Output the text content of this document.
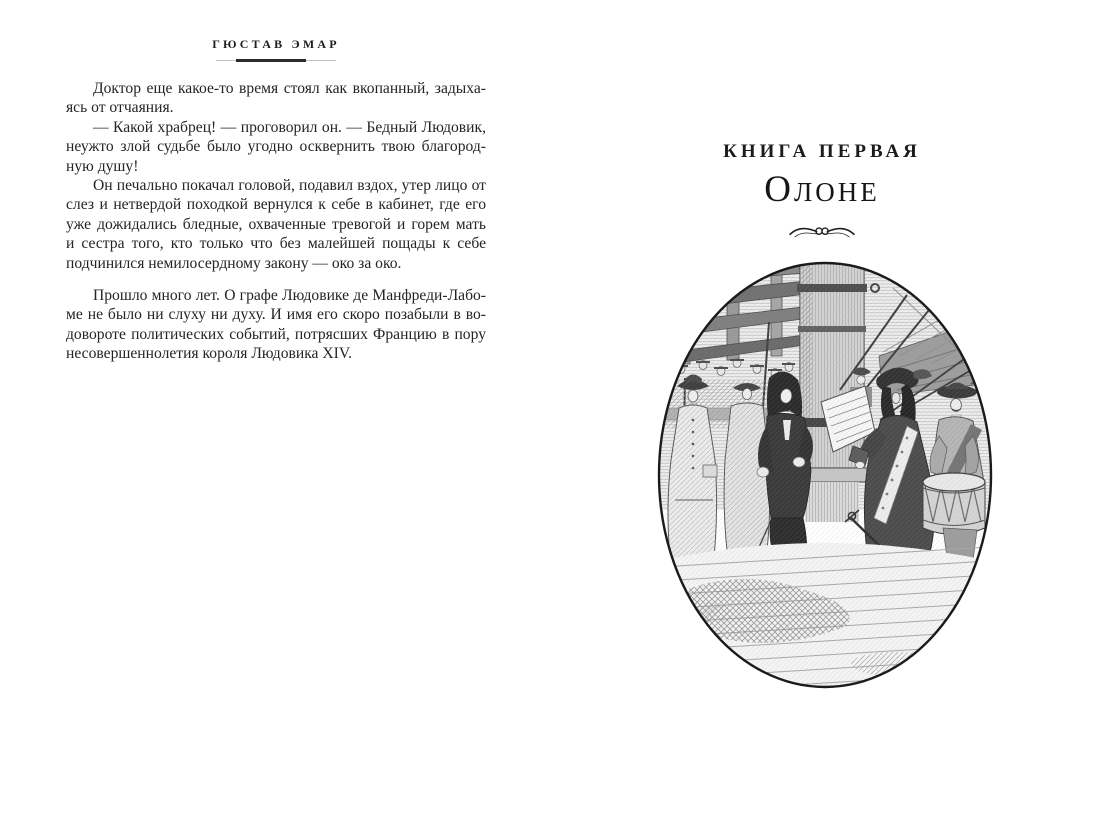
ГЮСТАВ ЭМАР

Доктор еще какое-то время стоял как вкопанный, задыха-
ясь от отчаяния.

— Какой храбрец! — проговорил он. — Бедный Людовик,
неужто злой судьбе было угодно осквернить твою благород-
ную душу!

Он печально покачал головой, подавил вздох, утер лицо от
слез и нетвердой походкой вернулся к себе в кабинет, где его
уже дожидались бледные, охваченные тревогой и горем мать
и сестра того, кто только что без малейшей пощады к себе
подчинился немилосердному закону — око за око.

Прошло много лет. О графе Людовике де Манфреди-Лабо-
ме не было ни слуху ни духу. И имя его скоро позабыли в во-
довороте политических событий, потрясших Францию в пору
несовершеннолетия короля Людовика XIV.

КНИГА ПЕРВАЯ
ОЛОНЕ
